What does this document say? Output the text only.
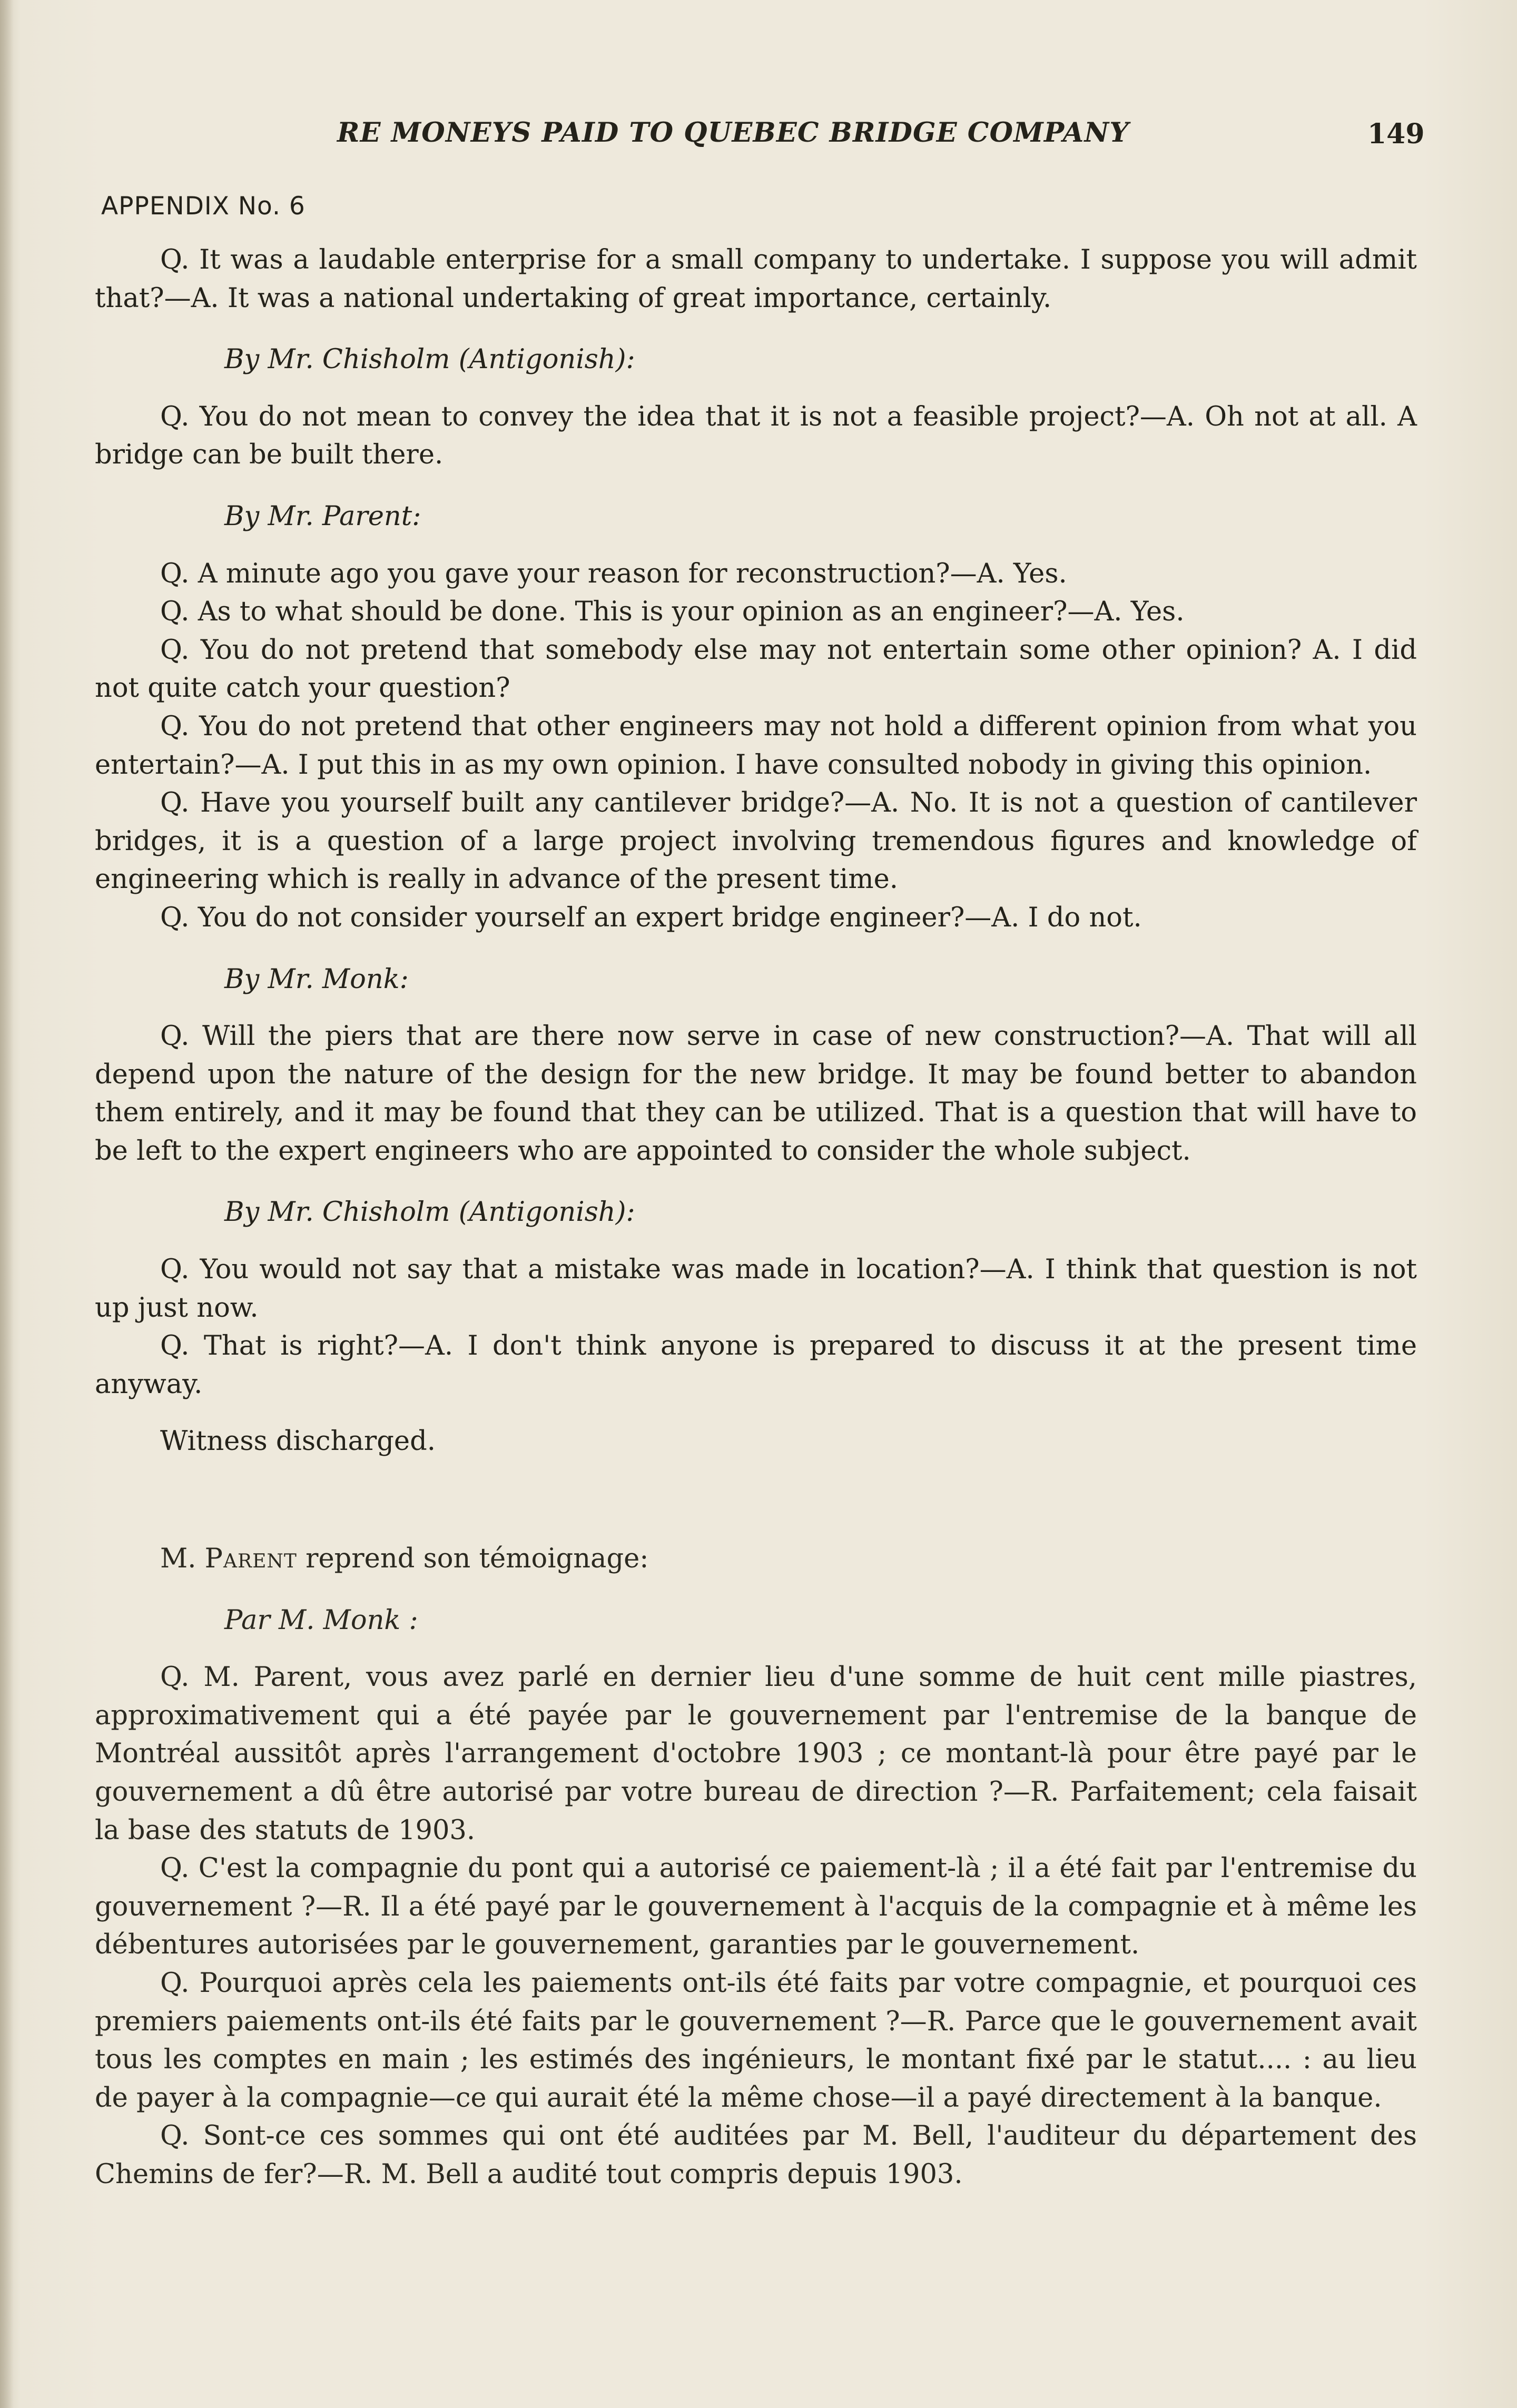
RE MONEYS PAID TO QUEBEC BRIDGE COMPANY	149
APPENDIX No. 6

Q. It was a laudable enterprise for a small company to undertake. I suppose you will admit that?—A. It was a national undertaking of great importance, certainly.

By Mr. Chisholm (Antigonish):

Q. You do not mean to convey the idea that it is not a feasible project?—A. Oh not at all. A bridge can be built there.

By Mr. Parent:

Q. A minute ago you gave your reason for reconstruction?—A. Yes.

Q. As to what should be done. This is your opinion as an engineer?—A. Yes.

Q. You do not pretend that somebody else may not entertain some other opinion? A. I did not quite catch your question?

Q. You do not pretend that other engineers may not hold a different opinion from what you entertain?—A. I put this in as my own opinion. I have consulted nobody in giving this opinion.

Q. Have you yourself built any cantilever bridge?—A. No. It is not a question of cantilever bridges, it is a question of a large project involving tremendous figures and knowledge of engineering which is really in advance of the present time.

Q. You do not consider yourself an expert bridge engineer?—A. I do not.

By Mr. Monk:

Q. Will the piers that are there now serve in case of new construction?—A. That will all depend upon the nature of the design for the new bridge. It may be found better to abandon them entirely, and it may be found that they can be utilized. That is a question that will have to be left to the expert engineers who are appointed to consider the whole subject.

By Mr. Chisholm (Antigonish):

Q. You would not say that a mistake was made in location?—A. I think that question is not up just now.

Q. That is right?—A. I don't think anyone is prepared to discuss it at the present time anyway.

Witness discharged.

M. Parent reprend son témoignage:

Par M. Monk :

Q. M. Parent, vous avez parlé en dernier lieu d'une somme de huit cent mille piastres, approximativement qui a été payée par le gouvernement par l'entremise de la banque de Montréal aussitôt après l'arrangement d'octobre 1903 ; ce montant-là pour être payé par le gouvernement a dû être autorisé par votre bureau de direction ?—R. Parfaitement; cela faisait la base des statuts de 1903.

Q. C'est la compagnie du pont qui a autorisé ce paiement-là ; il a été fait par l'entremise du gouvernement ?—R. Il a été payé par le gouvernement à l'acquis de la compagnie et à même les débentures autorisées par le gouvernement, garanties par le gouvernement.

Q. Pourquoi après cela les paiements ont-ils été faits par votre compagnie, et pourquoi ces premiers paiements ont-ils été faits par le gouvernement ?—R. Parce que le gouvernement avait tous les comptes en main ; les estimés des ingénieurs, le montant fixé par le statut.... : au lieu de payer à la compagnie—ce qui aurait été la même chose—il a payé directement à la banque.

Q. Sont-ce ces sommes qui ont été auditées par M. Bell, l'auditeur du département des Chemins de fer?—R. M. Bell a audité tout compris depuis 1903.
